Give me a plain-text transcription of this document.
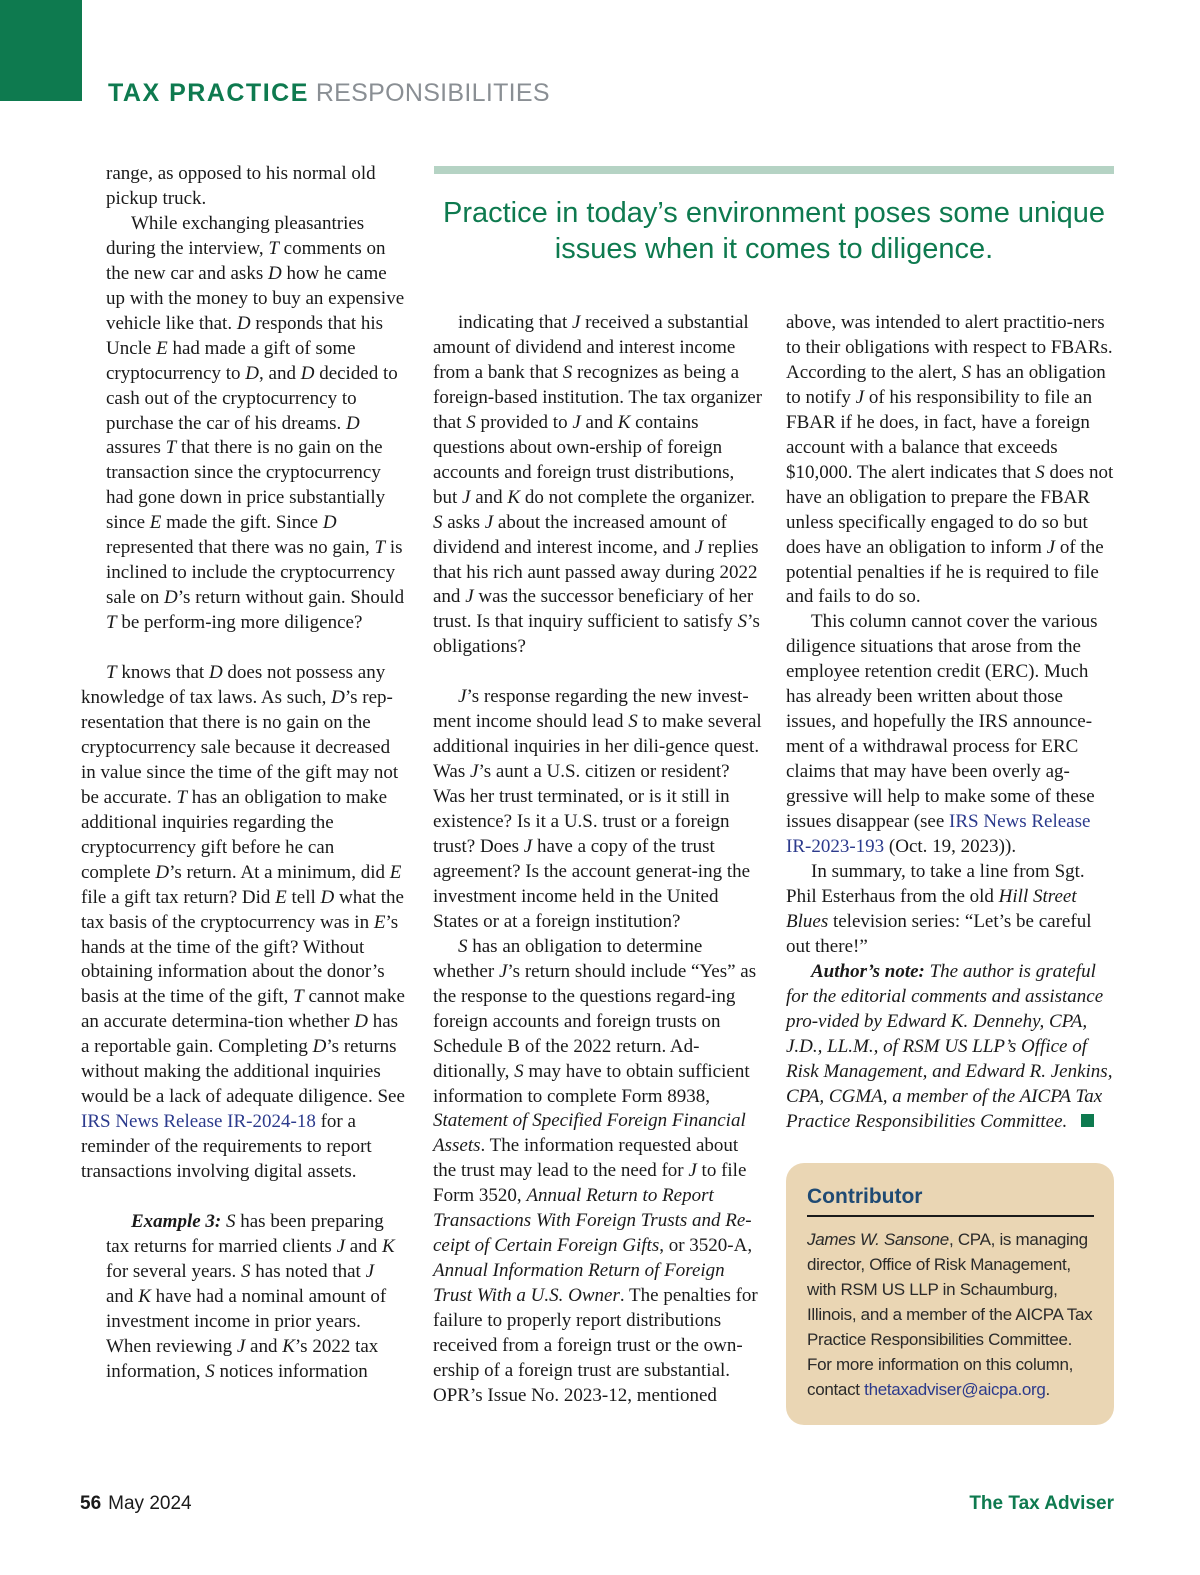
TAX PRACTICE RESPONSIBILITIES

range, as opposed to his normal old pickup truck.

While exchanging pleasantries during the interview, T comments on the new car and asks D how he came up with the money to buy an expensive vehicle like that. D responds that his Uncle E had made a gift of some cryptocurrency to D, and D decided to cash out of the cryptocurrency to purchase the car of his dreams. D assures T that there is no gain on the transaction since the cryptocurrency had gone down in price substantially since E made the gift. Since D represented that there was no gain, T is inclined to include the cryptocurrency sale on D’s return without gain. Should T be perform-ing more diligence?

T knows that D does not possess any knowledge of tax laws. As such, D’s rep-resentation that there is no gain on the cryptocurrency sale because it decreased in value since the time of the gift may not be accurate. T has an obligation to make additional inquiries regarding the cryptocurrency gift before he can complete D’s return. At a minimum, did E file a gift tax return? Did E tell D what the tax basis of the cryptocurrency was in E’s hands at the time of the gift? Without obtaining information about the donor’s basis at the time of the gift, T cannot make an accurate determina-tion whether D has a reportable gain. Completing D’s returns without making the additional inquiries would be a lack of adequate diligence. See IRS News Release IR-2024-18 for a reminder of the requirements to report transactions involving digital assets.

Example 3: S has been preparing tax returns for married clients J and K for several years. S has noted that J and K have had a nominal amount of investment income in prior years. When reviewing J and K’s 2022 tax information, S notices information

Practice in today’s environment poses some unique issues when it comes to diligence.

indicating that J received a substantial amount of dividend and interest income from a bank that S recognizes as being a foreign-based institution. The tax organizer that S provided to J and K contains questions about own-ership of foreign accounts and foreign trust distributions, but J and K do not complete the organizer. S asks J about the increased amount of dividend and interest income, and J replies that his rich aunt passed away during 2022 and J was the successor beneficiary of her trust. Is that inquiry sufficient to satisfy S’s obligations?

J’s response regarding the new invest-ment income should lead S to make several additional inquiries in her dili-gence quest. Was J’s aunt a U.S. citizen or resident? Was her trust terminated, or is it still in existence? Is it a U.S. trust or a foreign trust? Does J have a copy of the trust agreement? Is the account generat-ing the investment income held in the United States or at a foreign institution?

S has an obligation to determine whether J’s return should include “Yes” as the response to the questions regard-ing foreign accounts and foreign trusts on Schedule B of the 2022 return. Ad-ditionally, S may have to obtain sufficient information to complete Form 8938, Statement of Specified Foreign Financial Assets. The information requested about the trust may lead to the need for J to file Form 3520, Annual Return to Report Transactions With Foreign Trusts and Re-ceipt of Certain Foreign Gifts, or 3520-A, Annual Information Return of Foreign Trust With a U.S. Owner. The penalties for failure to properly report distributions received from a foreign trust or the own-ership of a foreign trust are substantial. OPR’s Issue No. 2023-12, mentioned

above, was intended to alert practitio-ners to their obligations with respect to FBARs. According to the alert, S has an obligation to notify J of his responsibility to file an FBAR if he does, in fact, have a foreign account with a balance that exceeds $10,000. The alert indicates that S does not have an obligation to prepare the FBAR unless specifically engaged to do so but does have an obligation to inform J of the potential penalties if he is required to file and fails to do so.

This column cannot cover the various diligence situations that arose from the employee retention credit (ERC). Much has already been written about those issues, and hopefully the IRS announce-ment of a withdrawal process for ERC claims that may have been overly ag-gressive will help to make some of these issues disappear (see IRS News Release IR-2023-193 (Oct. 19, 2023)).

In summary, to take a line from Sgt. Phil Esterhaus from the old Hill Street Blues television series: “Let’s be careful out there!”

Author’s note: The author is grateful for the editorial comments and assistance pro-vided by Edward K. Dennehy, CPA, J.D., LL.M., of RSM US LLP’s Office of Risk Management, and Edward R. Jenkins, CPA, CGMA, a member of the AICPA Tax Practice Responsibilities Committee.

Contributor
James W. Sansone, CPA, is managing director, Office of Risk Management, with RSM US LLP in Schaumburg, Illinois, and a member of the AICPA Tax Practice Responsibilities Committee. For more information on this column, contact thetaxadviser@aicpa.org.
56 May 2024	The Tax Adviser
